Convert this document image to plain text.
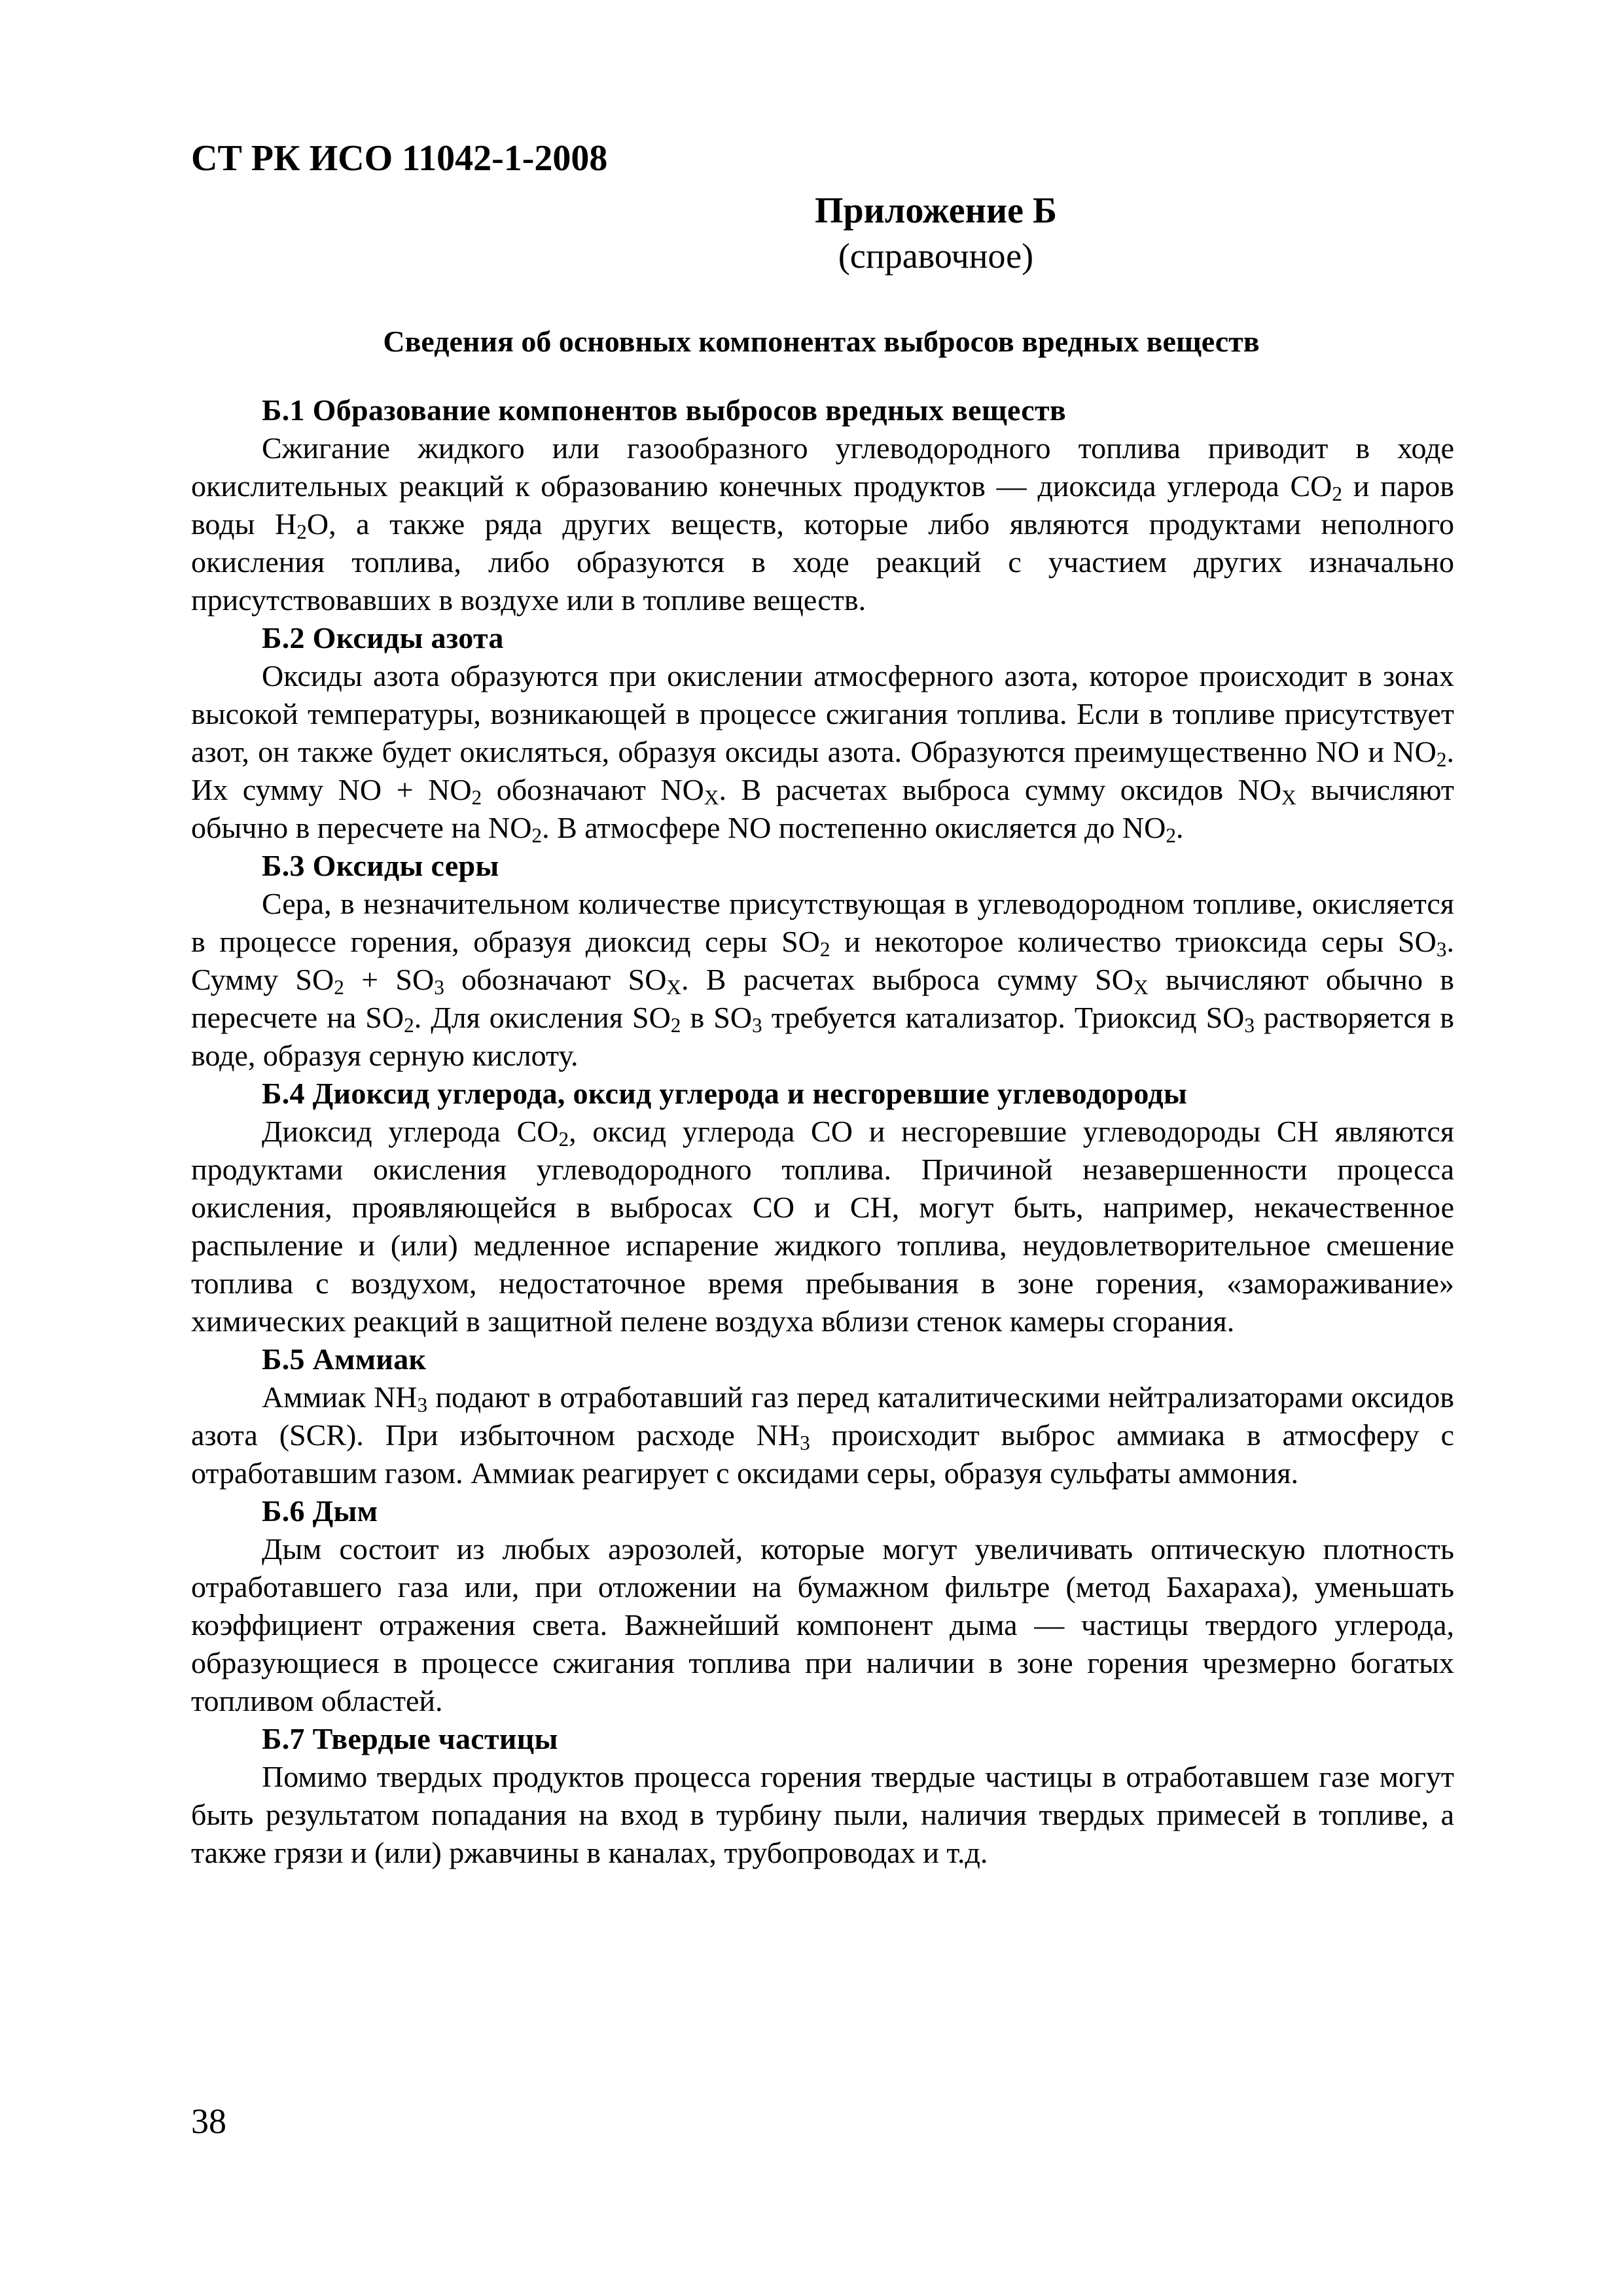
СТ РК ИСО 11042-1-2008

Приложение Б

(справочное)

Сведения об основных компонентах выбросов вредных веществ

Б.1 Образование компонентов выбросов вредных веществ

Сжигание жидкого или газообразного углеводородного топлива приводит в ходе окислительных реакций к образованию конечных продуктов — диоксида углерода $CO_2$ и паров воды $H_2O$, а также ряда других веществ, которые либо являются продуктами неполного окисления топлива, либо образуются в ходе реакций с участием других изначально присутствовавших в воздухе или в топливе веществ.

Б.2 Оксиды азота

Оксиды азота образуются при окислении атмосферного азота, которое происходит в зонах высокой температуры, возникающей в процессе сжигания топлива. Если в топливе присутствует азот, он также будет окисляться, образуя оксиды азота. Образуются преимущественно NO и $NO_2$. Их сумму NO + $NO_2$ обозначают $NO_X$. В расчетах выброса сумму оксидов $NO_X$ вычисляют обычно в пересчете на $NO_2$. В атмосфере NO постепенно окисляется до $NO_2$.

Б.3 Оксиды серы

Сера, в незначительном количестве присутствующая в углеводородном топливе, окисляется в процессе горения, образуя диоксид серы $SO_2$ и некоторое количество триоксида серы $SO_3$. Сумму $SO_2 + SO_3$ обозначают $SO_X$. В расчетах выброса сумму $SO_X$ вычисляют обычно в пересчете на $SO_2$. Для окисления $SO_2$ в $SO_3$ требуется катализатор. Триоксид $SO_3$ растворяется в воде, образуя серную кислоту.

Б.4 Диоксид углерода, оксид углерода и несгоревшие углеводороды

Диоксид углерода $CO_2$, оксид углерода CO и несгоревшие углеводороды CH являются продуктами окисления углеводородного топлива. Причиной незавершенности процесса окисления, проявляющейся в выбросах CO и CH, могут быть, например, некачественное распыление и (или) медленное испарение жидкого топлива, неудовлетворительное смешение топлива с воздухом, недостаточное время пребывания в зоне горения, «замораживание» химических реакций в защитной пелене воздуха вблизи стенок камеры сгорания.

Б.5 Аммиак

Аммиак $NH_3$ подают в отработавший газ перед каталитическими нейтрализаторами оксидов азота (SCR). При избыточном расходе $NH_3$ происходит выброс аммиака в атмосферу с отработавшим газом. Аммиак реагирует с оксидами серы, образуя сульфаты аммония.

Б.6 Дым

Дым состоит из любых аэрозолей, которые могут увеличивать оптическую плотность отработавшего газа или, при отложении на бумажном фильтре (метод Бахараха), уменьшать коэффициент отражения света. Важнейший компонент дыма — частицы твердого углерода, образующиеся в процессе сжигания топлива при наличии в зоне горения чрезмерно богатых топливом областей.

Б.7 Твердые частицы

Помимо твердых продуктов процесса горения твердые частицы в отработавшем газе могут быть результатом попадания на вход в турбину пыли, наличия твердых примесей в топливе, а также грязи и (или) ржавчины в каналах, трубопроводах и т.д.

38
